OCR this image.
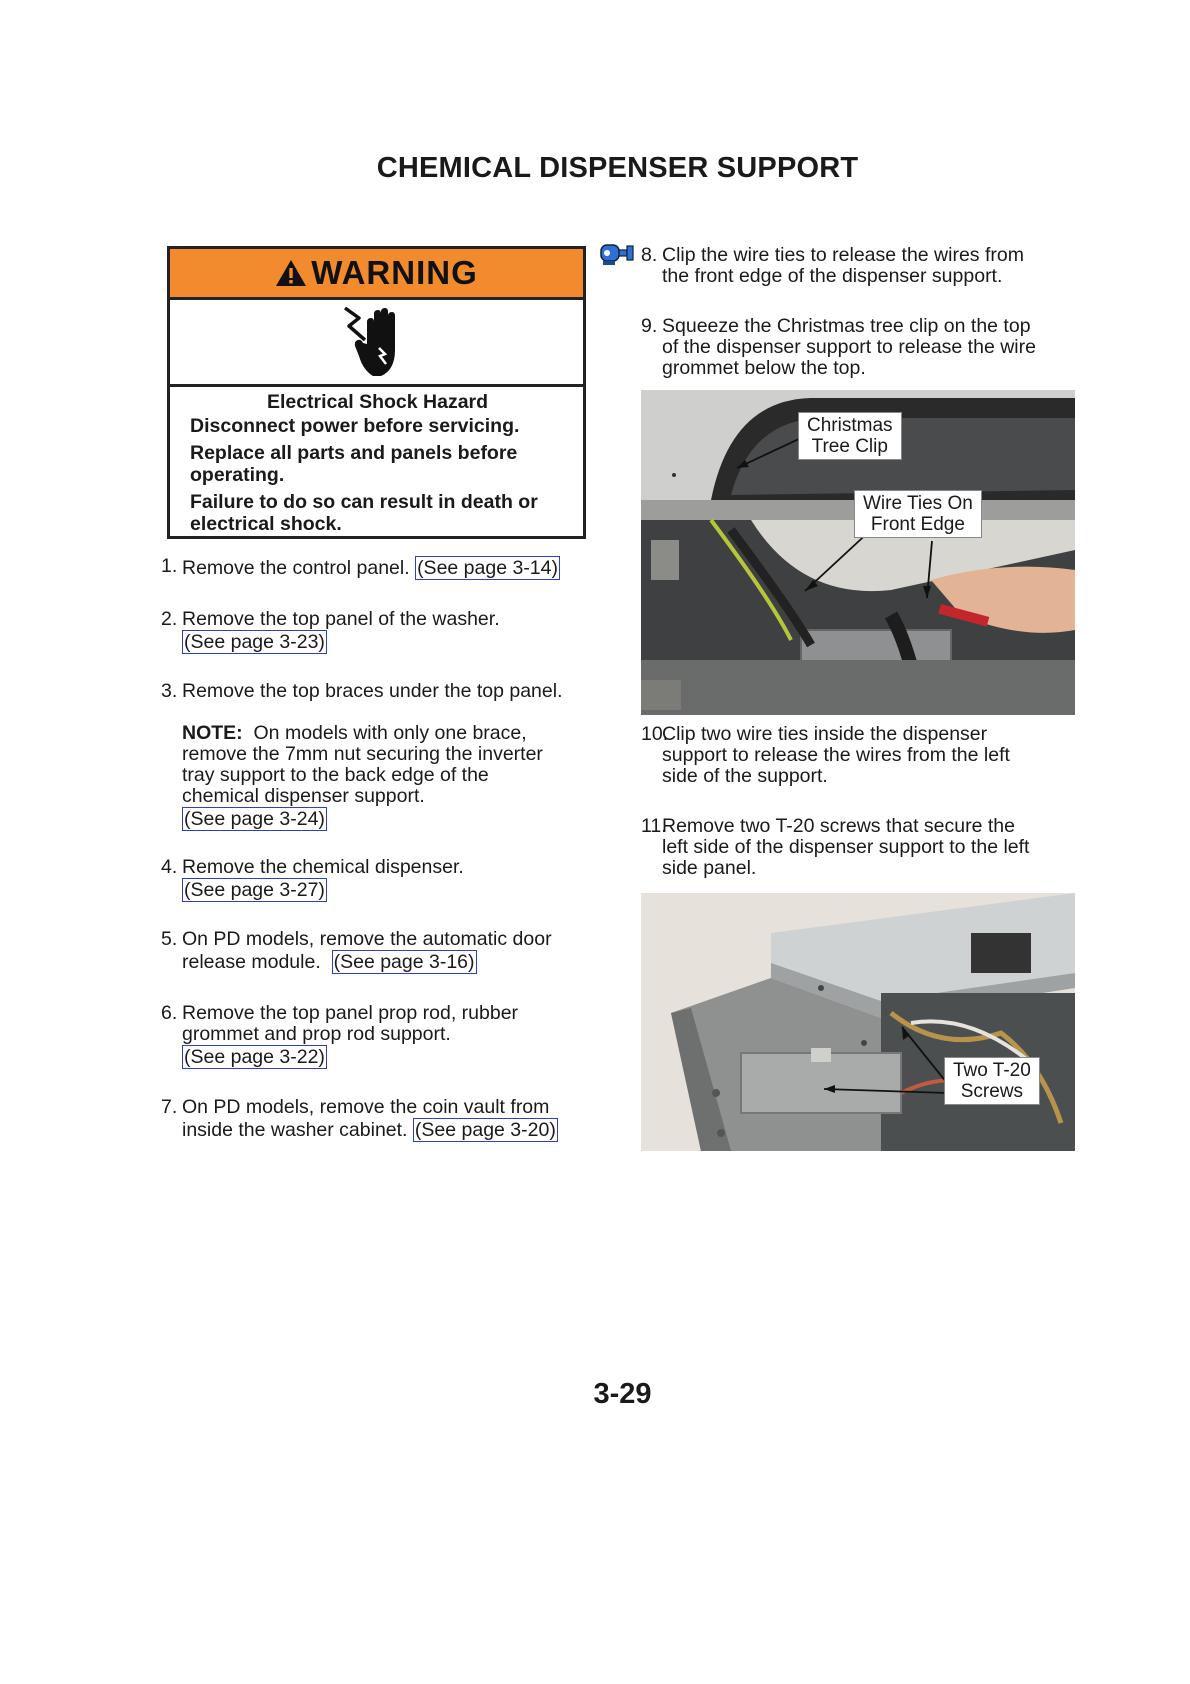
CHEMICAL DISPENSER SUPPORT
WARNING
Electrical Shock Hazard
Disconnect power before servicing.
Replace all parts and panels before
operating.
Failure to do so can result in death or
electrical shock.
1. Remove the control panel. (See page 3-14)
2. Remove the top panel of the washer.
(See page 3-23)
3. Remove the top braces under the top panel.
NOTE: On models with only one brace,
remove the 7mm nut securing the inverter
tray support to the back edge of the
chemical dispenser support.
(See page 3-24)
4. Remove the chemical dispenser.
(See page 3-27)
5. On PD models, remove the automatic door
release module. (See page 3-16)
6. Remove the top panel prop rod, rubber
grommet and prop rod support.
(See page 3-22)
7. On PD models, remove the coin vault from
inside the washer cabinet. (See page 3-20)
8. Clip the wire ties to release the wires from
the front edge of the dispenser support.
9. Squeeze the Christmas tree clip on the top
of the dispenser support to release the wire
grommet below the top.
Christmas
Tree Clip
Wire Ties On
Front Edge
10.
Clip two wire ties inside the dispenser
support to release the wires from the left
side of the support.
11.
Remove two T-20 screws that secure the
left side of the dispenser support to the left
side panel.
Two T-20
Screws
3-29
